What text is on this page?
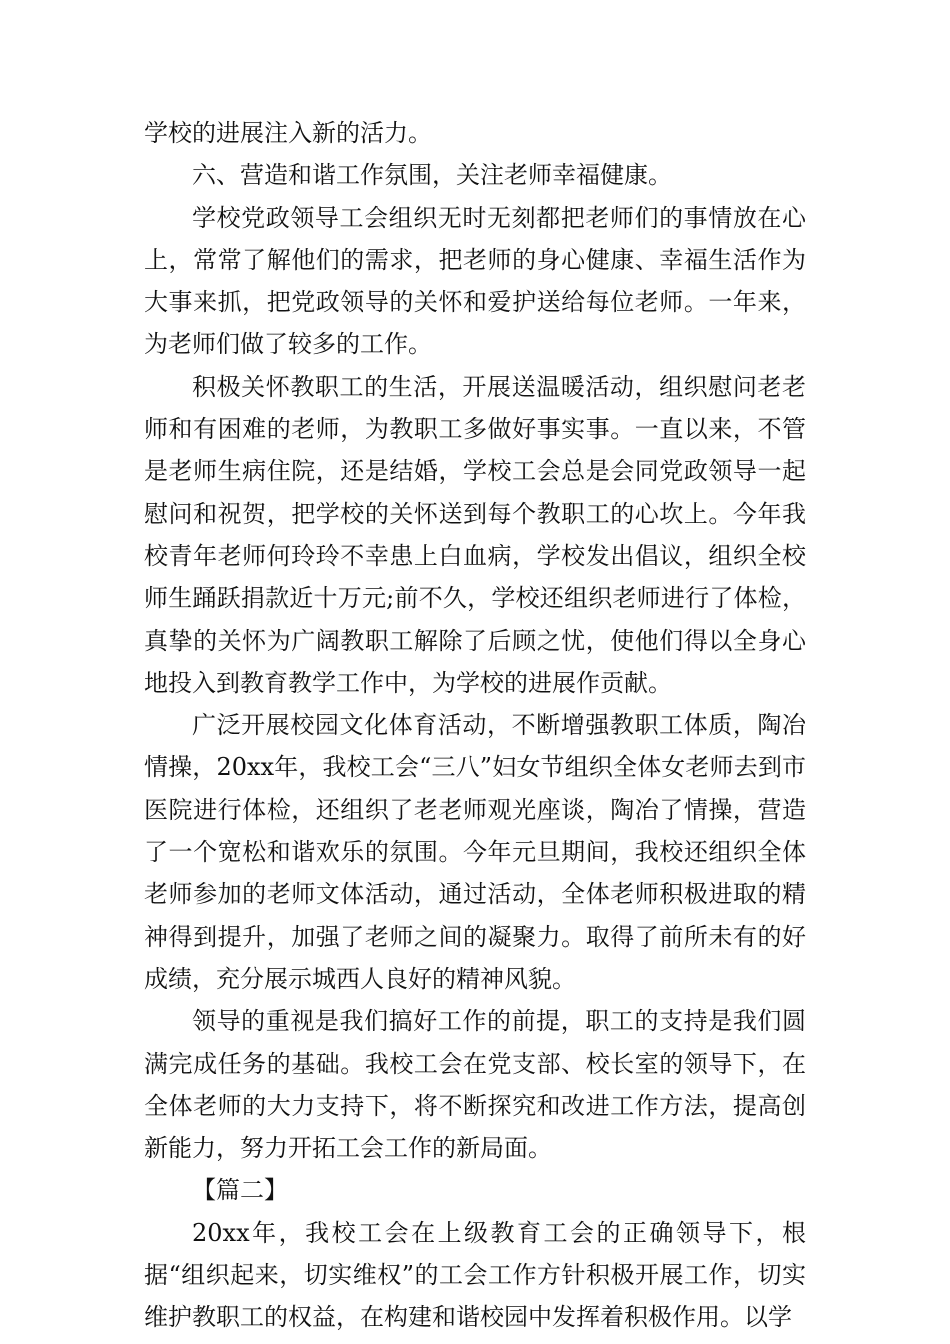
学校的进展注入新的活力。

六、营造和谐工作氛围，关注老师幸福健康。

学校党政领导工会组织无时无刻都把老师们的事情放在心上，常常了解他们的需求，把老师的身心健康、幸福生活作为大事来抓，把党政领导的关怀和爱护送给每位老师。一年来，为老师们做了较多的工作。

积极关怀教职工的生活，开展送温暖活动，组织慰问老老师和有困难的老师，为教职工多做好事实事。一直以来，不管是老师生病住院，还是结婚，学校工会总是会同党政领导一起慰问和祝贺，把学校的关怀送到每个教职工的心坎上。今年我校青年老师何玲玲不幸患上白血病，学校发出倡议，组织全校师生踊跃捐款近十万元;前不久，学校还组织老师进行了体检，真挚的关怀为广阔教职工解除了后顾之忧，使他们得以全身心地投入到教育教学工作中，为学校的进展作贡献。

广泛开展校园文化体育活动，不断增强教职工体质，陶冶情操，20xx年，我校工会“三八”妇女节组织全体女老师去到市医院进行体检，还组织了老老师观光座谈，陶冶了情操，营造了一个宽松和谐欢乐的氛围。今年元旦期间，我校还组织全体老师参加的老师文体活动，通过活动，全体老师积极进取的精神得到提升，加强了老师之间的凝聚力。取得了前所未有的好成绩，充分展示城西人良好的精神风貌。

领导的重视是我们搞好工作的前提，职工的支持是我们圆满完成任务的基础。我校工会在党支部、校长室的领导下，在全体老师的大力支持下，将不断探究和改进工作方法，提高创新能力，努力开拓工会工作的新局面。

【篇二】

20xx年，我校工会在上级教育工会的正确领导下，根据“组织起来，切实维权”的工会工作方针积极开展工作，切实维护教职工的权益，在构建和谐校园中发挥着积极作用。以学
